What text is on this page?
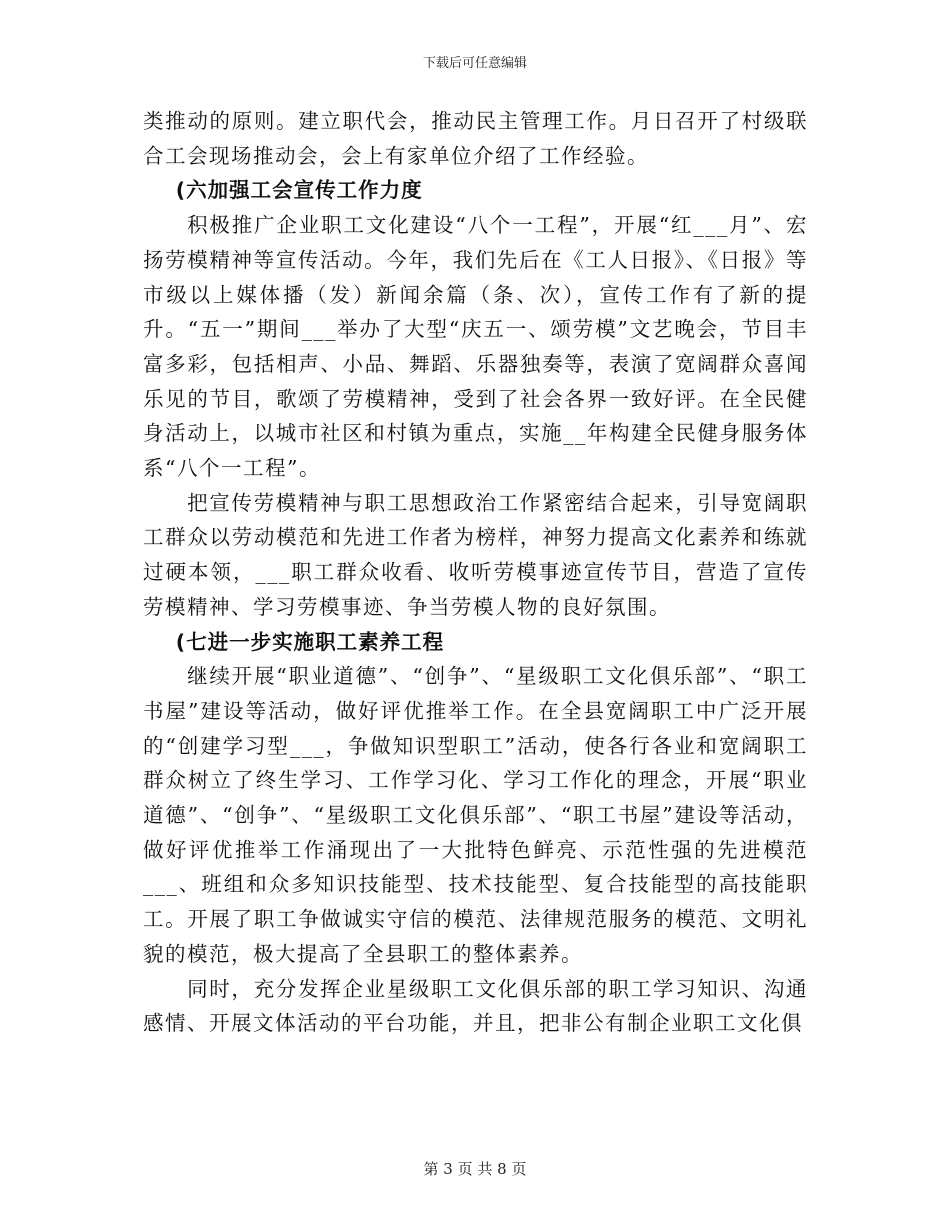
下载后可任意编辑

类推动的原则。建立职代会，推动民主管理工作。月日召开了村级联合工会现场推动会，会上有家单位介绍了工作经验。

(六加强工会宣传工作力度

积极推广企业职工文化建设“八个一工程”，开展“红___月”、宏扬劳模精神等宣传活动。今年，我们先后在《工人日报》、《日报》等市级以上媒体播（发）新闻余篇（条、次），宣传工作有了新的提升。“五一”期间___举办了大型“庆五一、颂劳模”文艺晚会，节目丰富多彩，包括相声、小品、舞蹈、乐器独奏等，表演了宽阔群众喜闻乐见的节目，歌颂了劳模精神，受到了社会各界一致好评。在全民健身活动上，以城市社区和村镇为重点，实施__年构建全民健身服务体系“八个一工程”。

把宣传劳模精神与职工思想政治工作紧密结合起来，引导宽阔职工群众以劳动模范和先进工作者为榜样，神努力提高文化素养和练就过硬本领，___职工群众收看、收听劳模事迹宣传节目，营造了宣传劳模精神、学习劳模事迹、争当劳模人物的良好氛围。

(七进一步实施职工素养工程

继续开展“职业道德”、“创争”、“星级职工文化俱乐部”、“职工书屋”建设等活动，做好评优推举工作。在全县宽阔职工中广泛开展的“创建学习型___，争做知识型职工”活动，使各行各业和宽阔职工群众树立了终生学习、工作学习化、学习工作化的理念，开展“职业道德”、“创争”、“星级职工文化俱乐部”、“职工书屋”建设等活动，做好评优推举工作涌现出了一大批特色鲜亮、示范性强的先进模范___、班组和众多知识技能型、技术技能型、复合技能型的高技能职工。开展了职工争做诚实守信的模范、法律规范服务的模范、文明礼貌的模范，极大提高了全县职工的整体素养。

同时，充分发挥企业星级职工文化俱乐部的职工学习知识、沟通感情、开展文体活动的平台功能，并且，把非公有制企业职工文化俱

第 3 页 共 8 页
